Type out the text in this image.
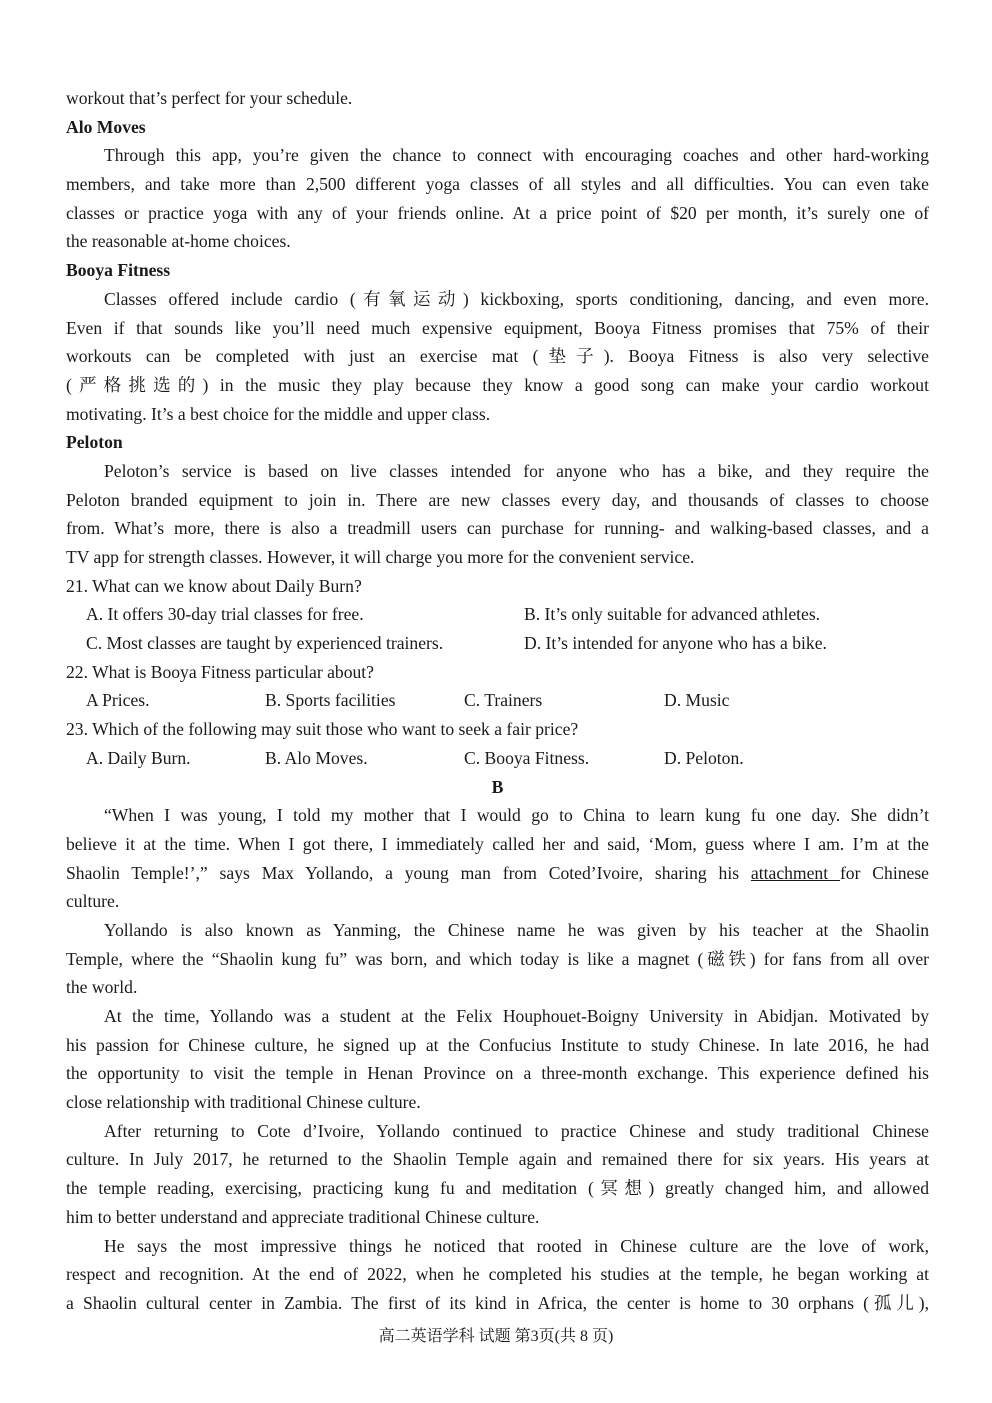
workout that’s perfect for your schedule.
Alo Moves
Through this app, you’re given the chance to connect with encouraging coaches and other hard-working
members, and take more than 2,500 different yoga classes of all styles and all difficulties. You can even take
classes or practice yoga with any of your friends online. At a price point of $20 per month, it’s surely one of
the reasonable at-home choices.
Booya Fitness
Classes offered include cardio (有氧运动) kickboxing, sports conditioning, dancing, and even more.
Even if that sounds like you’ll need much expensive equipment, Booya Fitness promises that 75% of their
workouts can be completed with just an exercise mat (垫子). Booya Fitness is also very selective
(严格挑选的) in the music they play because they know a good song can make your cardio workout
motivating. It’s a best choice for the middle and upper class.
Peloton
Peloton’s service is based on live classes intended for anyone who has a bike, and they require the
Peloton branded equipment to join in. There are new classes every day, and thousands of classes to choose
from. What’s more, there is also a treadmill users can purchase for running- and walking-based classes, and a
TV app for strength classes. However, it will charge you more for the convenient service.
21. What can we know about Daily Burn?
A. It offers 30-day trial classes for free.	B. It’s only suitable for advanced athletes.
C. Most classes are taught by experienced trainers.	D. It’s intended for anyone who has a bike.
22. What is Booya Fitness particular about?
A Prices.	B. Sports facilities	C. Trainers	D. Music
23. Which of the following may suit those who want to seek a fair price?
A. Daily Burn.	B. Alo Moves.	C. Booya Fitness.	D. Peloton.
B
“When I was young, I told my mother that I would go to China to learn kung fu one day. She didn’t
believe it at the time. When I got there, I immediately called her and said, ‘Mom, guess where I am. I’m at the
Shaolin Temple!’,” says Max Yollando, a young man from Coted’Ivoire, sharing his attachment for Chinese
culture.
Yollando is also known as Yanming, the Chinese name he was given by his teacher at the Shaolin
Temple, where the “Shaolin kung fu” was born, and which today is like a magnet (磁铁) for fans from all over
the world.
At the time, Yollando was a student at the Felix Houphouet-Boigny University in Abidjan. Motivated by
his passion for Chinese culture, he signed up at the Confucius Institute to study Chinese. In late 2016, he had
the opportunity to visit the temple in Henan Province on a three-month exchange. This experience defined his
close relationship with traditional Chinese culture.
After returning to Cote d’Ivoire, Yollando continued to practice Chinese and study traditional Chinese
culture. In July 2017, he returned to the Shaolin Temple again and remained there for six years. His years at
the temple reading, exercising, practicing kung fu and meditation (冥想) greatly changed him, and allowed
him to better understand and appreciate traditional Chinese culture.
He says the most impressive things he noticed that rooted in Chinese culture are the love of work,
respect and recognition. At the end of 2022, when he completed his studies at the temple, he began working at
a Shaolin cultural center in Zambia. The first of its kind in Africa, the center is home to 30 orphans (孤儿),
高二英语学科 试题 第3页(共 8 页)
